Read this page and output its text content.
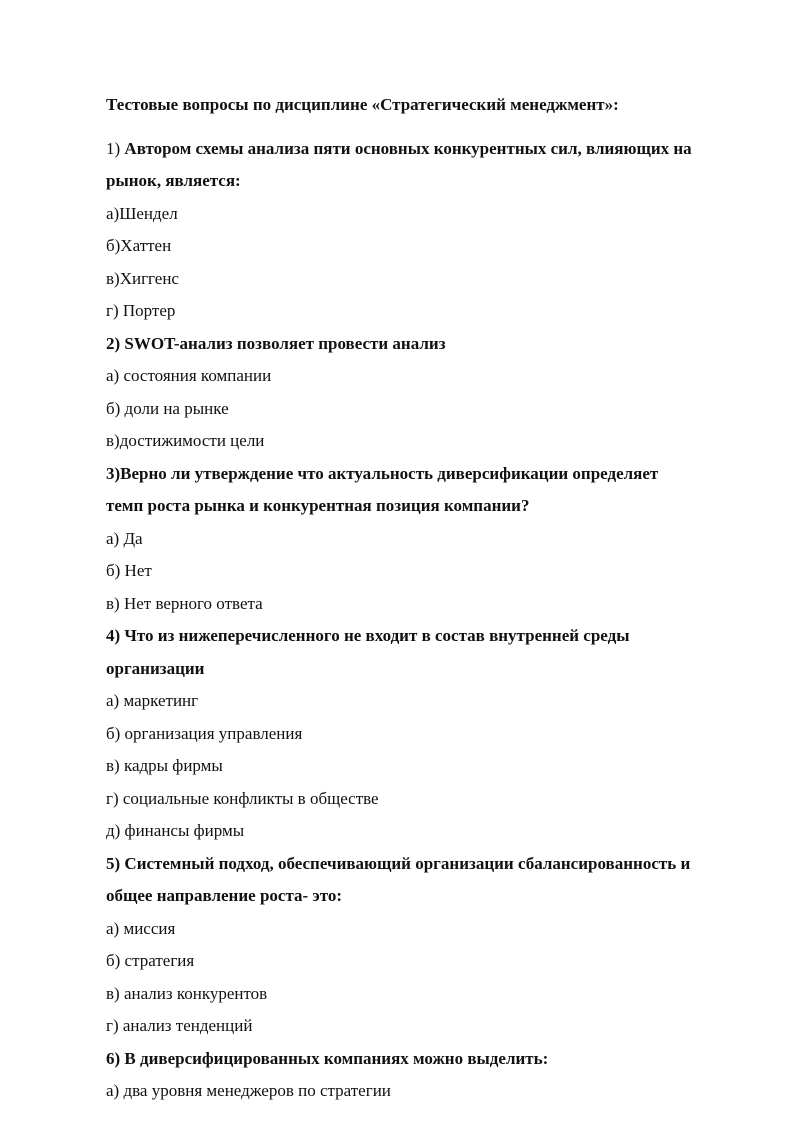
Тестовые вопросы по дисциплине «Стратегический менеджмент»:
1) Автором схемы анализа пяти основных конкурентных сил, влияющих на
рынок, является:
а)Шендел
б)Хаттен
в)Хиггенс
г) Портер
2) SWOT-анализ позволяет провести анализ
а) состояния компании
б) доли на рынке
в)достижимости цели
3)Верно ли утверждение что актуальность диверсификации определяет
темп роста рынка и конкурентная позиция компании?
а) Да
б) Нет
в) Нет верного ответа
4) Что из нижеперечисленного не входит в состав внутренней среды
организации
а) маркетинг
б) организация управления
в) кадры фирмы
г) социальные конфликты в обществе
д) финансы фирмы
5) Системный подход, обеспечивающий организации сбалансированность и
общее направление роста- это:
а) миссия
б) стратегия
в) анализ конкурентов
г) анализ тенденций
6) В диверсифицированных компаниях можно выделить:
а) два уровня менеджеров по стратегии
